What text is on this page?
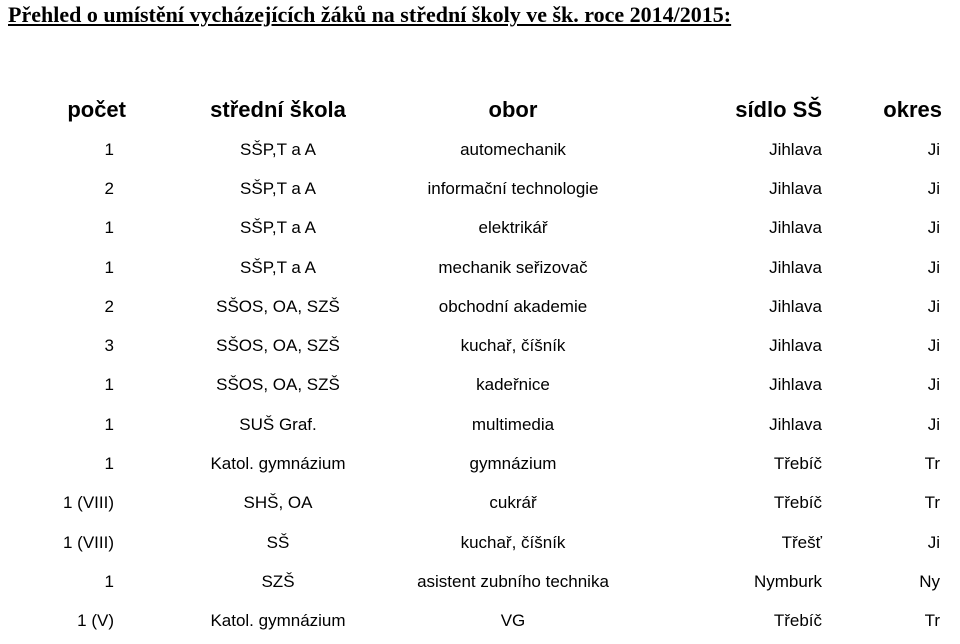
Přehled o umístění vycházejících žáků na střední školy ve šk. roce 2014/2015:
počet	střední škola	obor	sídlo SŠ	okres
1	SŠP,T a A	automechanik	Jihlava	Ji
2	SŠP,T a A	informační technologie	Jihlava	Ji
1	SŠP,T a A	elektrikář	Jihlava	Ji
1	SŠP,T a A	mechanik seřizovač	Jihlava	Ji
2	SŠOS, OA, SZŠ	obchodní akademie	Jihlava	Ji
3	SŠOS, OA, SZŠ	kuchař, číšník	Jihlava	Ji
1	SŠOS, OA, SZŠ	kadeřnice	Jihlava	Ji
1	SUŠ Graf.	multimedia	Jihlava	Ji
1	Katol. gymnázium	gymnázium	Třebíč	Tr
1 (VIII)	SHŠ, OA	cukrář	Třebíč	Tr
1 (VIII)	SŠ	kuchař, číšník	Třešť	Ji
1	SZŠ	asistent zubního technika	Nymburk	Ny
1 (V)	Katol. gymnázium	VG	Třebíč	Tr
